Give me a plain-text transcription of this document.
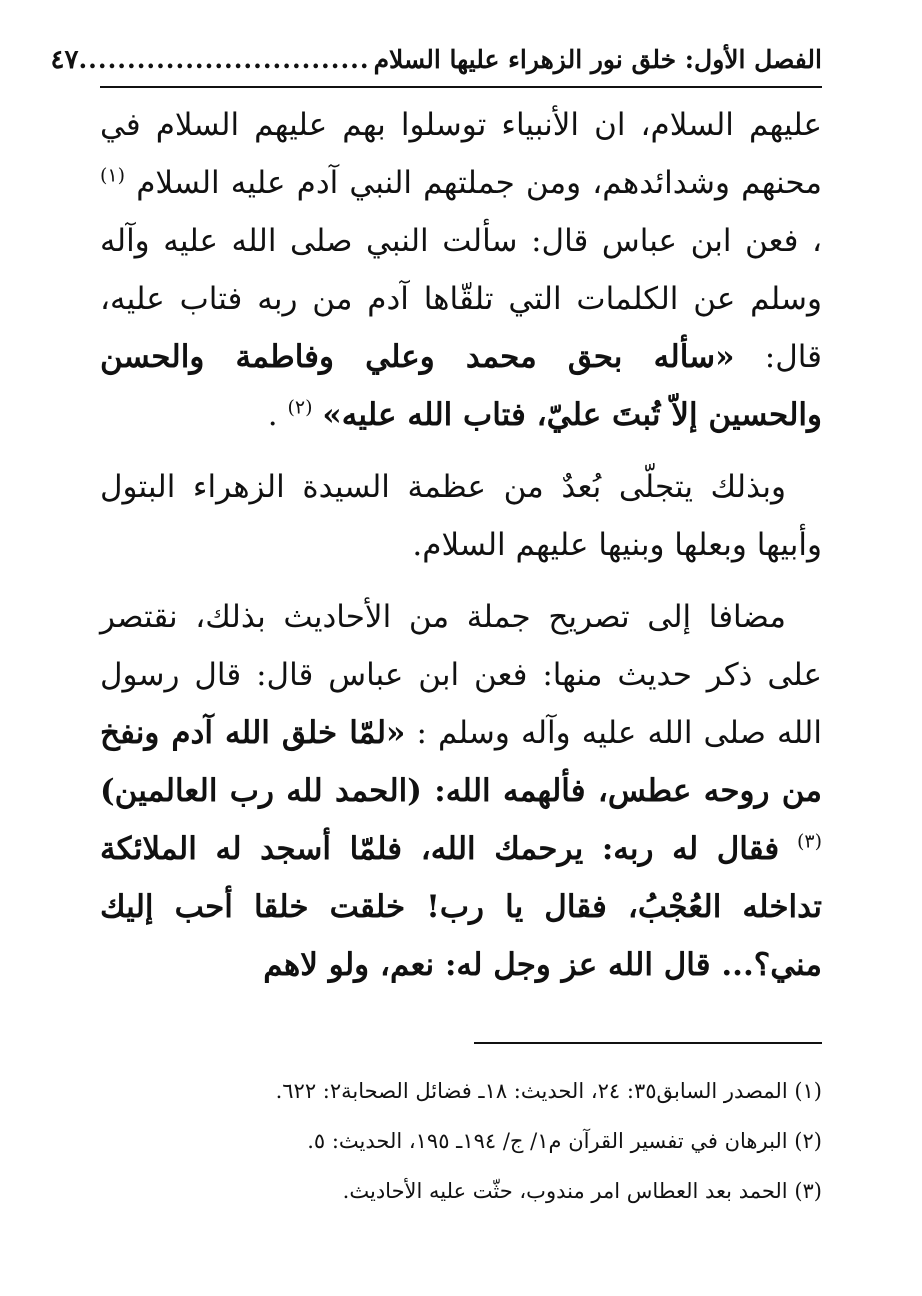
الفصل الأول: خلق نور الزهراء عليها السلام
..............................
٤٧

عليهم السلام، ان الأنبياء توسلوا بهم عليهم السلام في محنهم وشدائدهم، ومن جملتهم النبي آدم عليه السلام $^{(١)}$ ، فعن ابن عباس قال: سألت النبي صلى الله عليه وآله وسلم عن الكلمات التي تلقّاها آدم من ربه فتاب عليه، قال: «سأله بحق محمد وعلي وفاطمة والحسن والحسين إلاّ تُبتَ عليّ، فتاب الله عليه» $^{(٢)}$ .

وبذلك يتجلّى بُعدٌ من عظمة السيدة الزهراء البتول وأبيها وبعلها وبنيها عليهم السلام.

مضافا إلى تصريح جملة من الأحاديث بذلك، نقتصر على ذكر حديث منها: فعن ابن عباس قال: قال رسول الله صلى الله عليه وآله وسلم : «لمّا خلق الله آدم ونفخ من روحه عطس، فألهمه الله: (الحمد لله رب العالمين) $^{(٣)}$ فقال له ربه: يرحمك الله، فلمّا أسجد له الملائكة تداخله العُجْبُ، فقال يا رب! خلقت خلقا أحب إليك مني؟... قال الله عز وجل له: نعم، ولو لاهم

(١) المصدر السابق٣٥: ٢٤، الحديث: ١٨ـ فضائل الصحابة٢: ٦٢٢.

(٢) البرهان في تفسير القرآن م١/ ج/ ١٩٤ـ ١٩٥، الحديث: ٥.

(٣) الحمد بعد العطاس امر مندوب، حثّت عليه الأحاديث.
